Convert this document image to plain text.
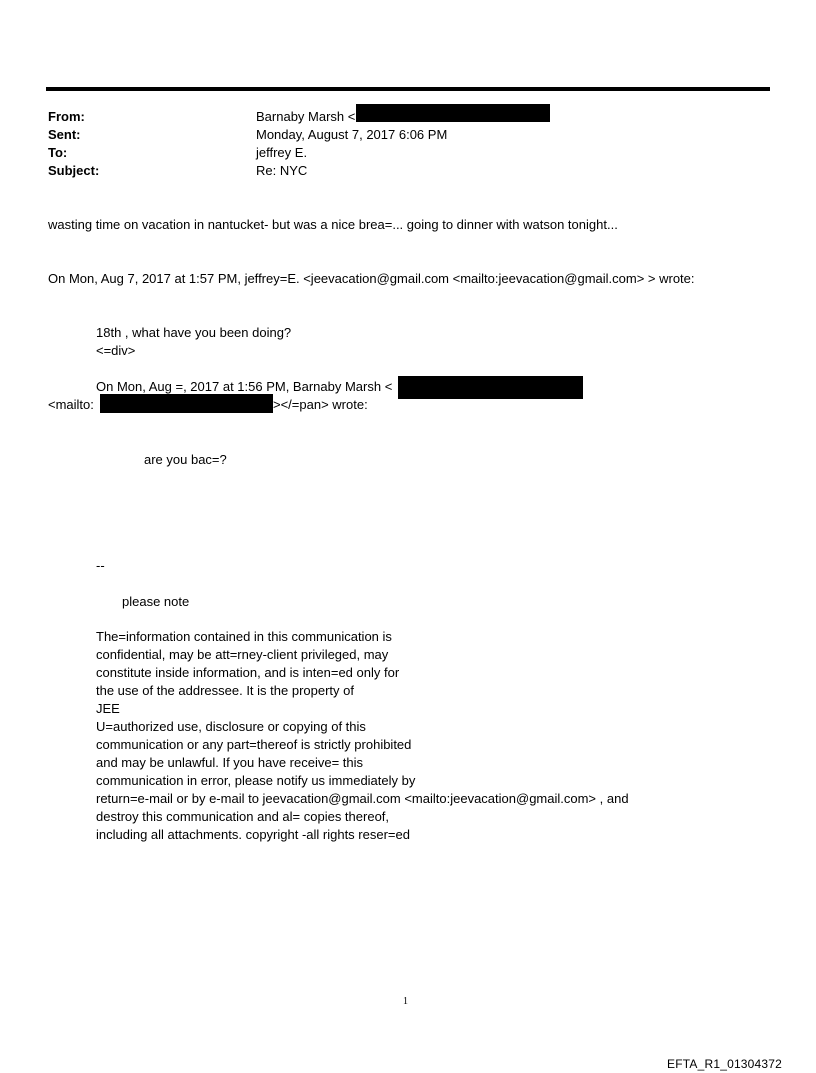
From:	Barnaby Marsh <
Sent:	Monday, August 7, 2017 6:06 PM
To:	jeffrey E.
Subject:	Re: NYC
wasting time on vacation in nantucket- but was a nice brea=... going to dinner with watson tonight...
On Mon, Aug 7, 2017 at 1:57 PM, jeffrey=E. <jeevacation@gmail.com <mailto:jeevacation@gmail.com> > wrote:
18th , what have you been doing?
<=div>
On Mon, Aug =, 2017 at 1:56 PM, Barnaby Marsh <
<mailto:	></=pan> wrote:
are you bac=?
--
please note
The=information contained in this communication is
confidential, may be att=rney-client privileged, may
constitute inside information, and is inten=ed only for
the use of the addressee. It is the property of
JEE
U=authorized use, disclosure or copying of this
communication or any part=thereof is strictly prohibited
and may be unlawful. If you have receive= this
communication in error, please notify us immediately by
return=e-mail or by e-mail to jeevacation@gmail.com <mailto:jeevacation@gmail.com> , and
destroy this communication and al= copies thereof,
including all attachments. copyright -all rights reser=ed
1
EFTA_R1_01304372
